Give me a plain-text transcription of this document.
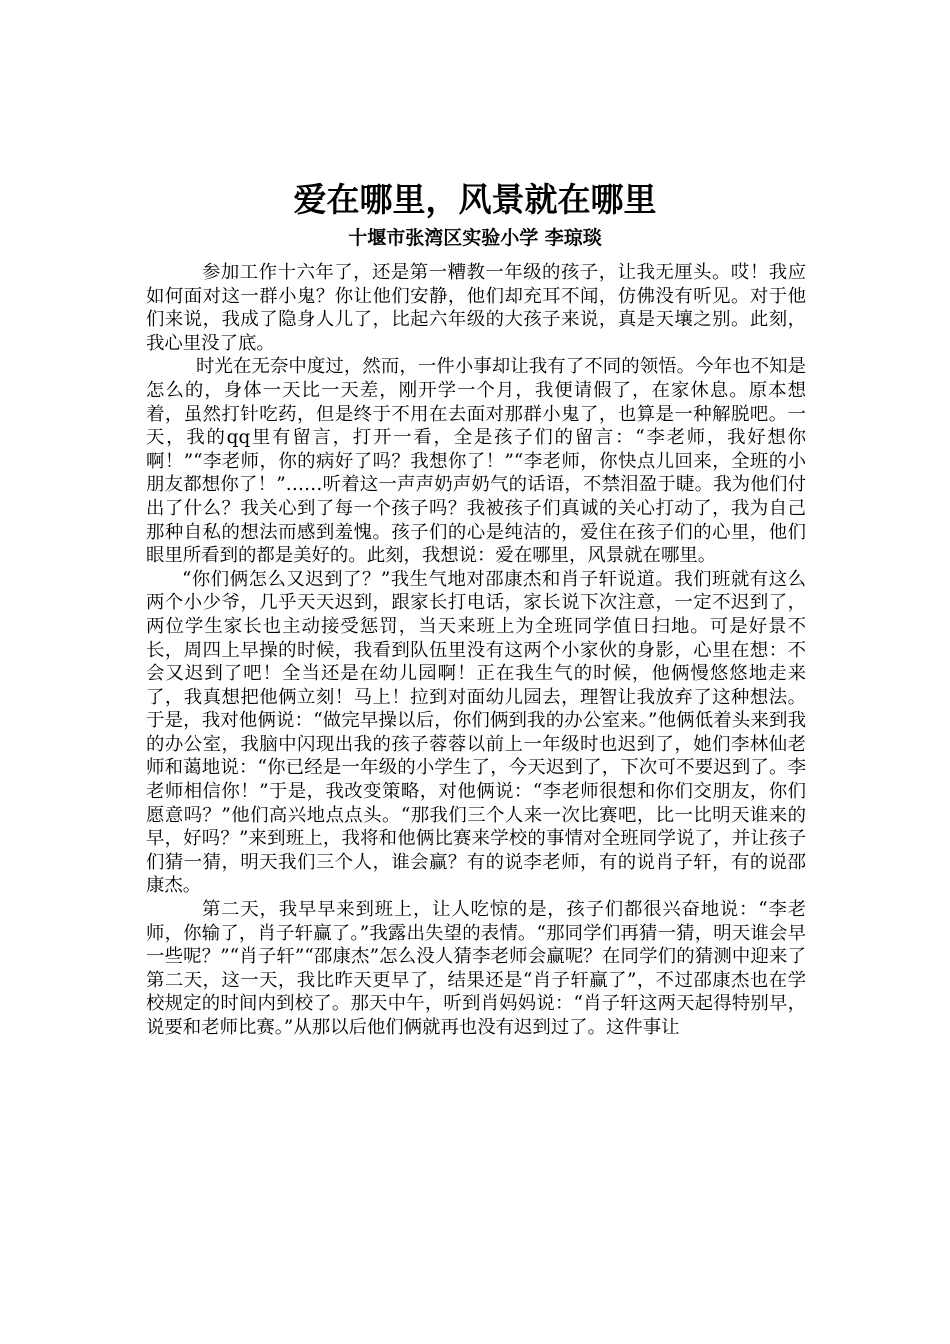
爱在哪里，风景就在哪里
十堰市张湾区实验小学 李琼琰

参加工作十六年了，还是第一糟教一年级的孩子，让我无厘头。哎！我应如何面对这一群小鬼？你让他们安静，他们却充耳不闻，仿佛没有听见。对于他们来说，我成了隐身人儿了，比起六年级的大孩子来说，真是天壤之别。此刻，我心里没了底。

时光在无奈中度过，然而，一件小事却让我有了不同的领悟。今年也不知是怎么的，身体一天比一天差，刚开学一个月，我便请假了，在家休息。原本想着，虽然打针吃药，但是终于不用在去面对那群小鬼了，也算是一种解脱吧。一天，我的qq里有留言，打开一看，全是孩子们的留言：“李老师，我好想你啊！”“李老师，你的病好了吗？我想你了！”“李老师，你快点儿回来，全班的小朋友都想你了！”……听着这一声声奶声奶气的话语，不禁泪盈于睫。我为他们付出了什么？我关心到了每一个孩子吗？我被孩子们真诚的关心打动了，我为自己那种自私的想法而感到羞愧。孩子们的心是纯洁的，爱住在孩子们的心里，他们眼里所看到的都是美好的。此刻，我想说：爱在哪里，风景就在哪里。

“你们俩怎么又迟到了？”我生气地对邵康杰和肖子轩说道。我们班就有这么两个小少爷，几乎天天迟到，跟家长打电话，家长说下次注意，一定不迟到了，两位学生家长也主动接受惩罚，当天来班上为全班同学值日扫地。可是好景不长，周四上早操的时候，我看到队伍里没有这两个小家伙的身影，心里在想：不会又迟到了吧！全当还是在幼儿园啊！正在我生气的时候，他俩慢悠悠地走来了，我真想把他俩立刻！马上！拉到对面幼儿园去，理智让我放弃了这种想法。于是，我对他俩说：“做完早操以后，你们俩到我的办公室来。”他俩低着头来到我的办公室，我脑中闪现出我的孩子蓉蓉以前上一年级时也迟到了，她们李林仙老师和蔼地说：“你已经是一年级的小学生了，今天迟到了，下次可不要迟到了。李老师相信你！”于是，我改变策略，对他俩说：“李老师很想和你们交朋友，你们愿意吗？”他们高兴地点点头。“那我们三个人来一次比赛吧，比一比明天谁来的早，好吗？”来到班上，我将和他俩比赛来学校的事情对全班同学说了，并让孩子们猜一猜，明天我们三个人，谁会赢？有的说李老师，有的说肖子轩，有的说邵康杰。

第二天，我早早来到班上，让人吃惊的是，孩子们都很兴奋地说：“李老师，你输了，肖子轩赢了。”我露出失望的表情。“那同学们再猜一猜，明天谁会早一些呢？”“肖子轩”“邵康杰”怎么没人猜李老师会赢呢？在同学们的猜测中迎来了第二天，这一天，我比昨天更早了，结果还是“肖子轩赢了”，不过邵康杰也在学校规定的时间内到校了。那天中午，听到肖妈妈说：“肖子轩这两天起得特别早，说要和老师比赛。”从那以后他们俩就再也没有迟到过了。这件事让
